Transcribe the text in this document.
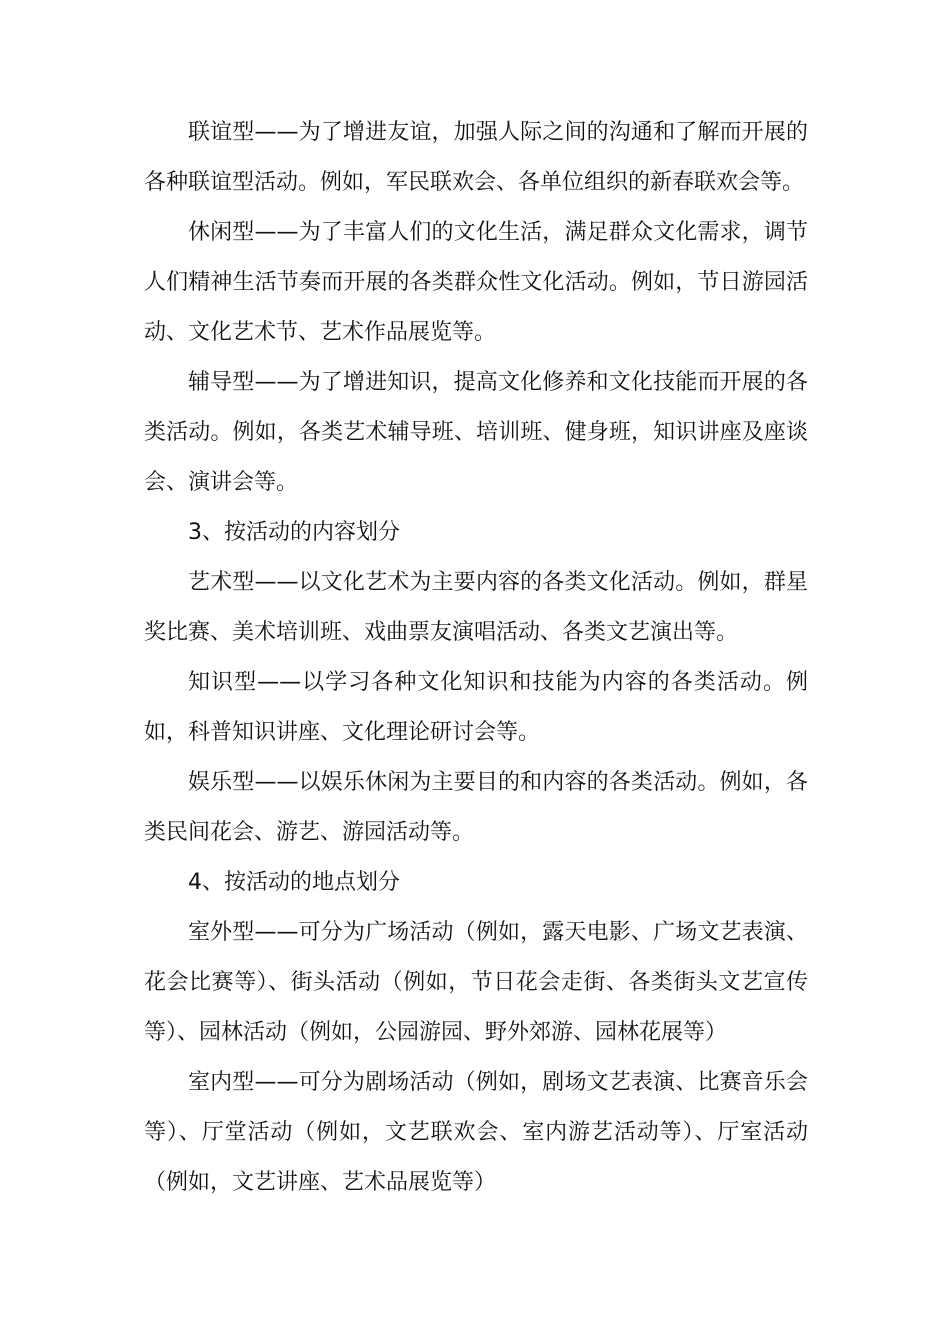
联谊型——为了增进友谊，加强人际之间的沟通和了解而开展的各种联谊型活动。例如，军民联欢会、各单位组织的新春联欢会等。

休闲型——为了丰富人们的文化生活，满足群众文化需求，调节人们精神生活节奏而开展的各类群众性文化活动。例如，节日游园活动、文化艺术节、艺术作品展览等。

辅导型——为了增进知识，提高文化修养和文化技能而开展的各类活动。例如，各类艺术辅导班、培训班、健身班，知识讲座及座谈会、演讲会等。

3、按活动的内容划分

艺术型——以文化艺术为主要内容的各类文化活动。例如，群星奖比赛、美术培训班、戏曲票友演唱活动、各类文艺演出等。

知识型——以学习各种文化知识和技能为内容的各类活动。例如，科普知识讲座、文化理论研讨会等。

娱乐型——以娱乐休闲为主要目的和内容的各类活动。例如，各类民间花会、游艺、游园活动等。

4、按活动的地点划分

室外型——可分为广场活动（例如，露天电影、广场文艺表演、花会比赛等）、街头活动（例如，节日花会走街、各类街头文艺宣传等）、园林活动（例如，公园游园、野外郊游、园林花展等）

室内型——可分为剧场活动（例如，剧场文艺表演、比赛音乐会等）、厅堂活动（例如，文艺联欢会、室内游艺活动等）、厅室活动（例如，文艺讲座、艺术品展览等）
